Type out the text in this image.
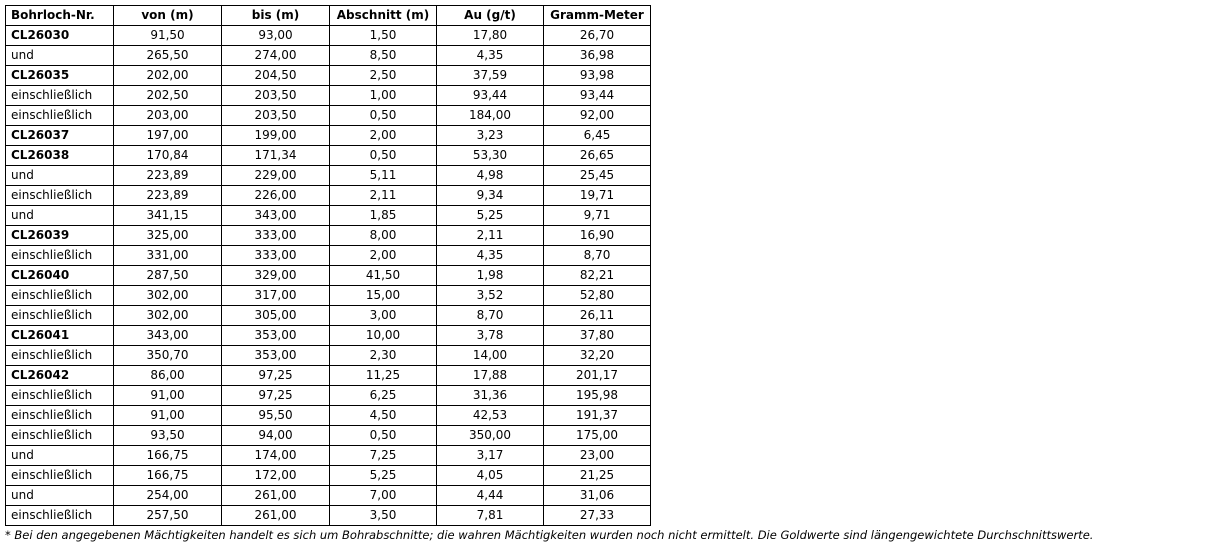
Bohrloch-Nr.	von (m)	bis (m)	Abschnitt (m)	Au (g/t)	Gramm-Meter
CL26030	91,50	93,00	1,50	17,80	26,70
und	265,50	274,00	8,50	4,35	36,98
CL26035	202,00	204,50	2,50	37,59	93,98
einschließlich	202,50	203,50	1,00	93,44	93,44
einschließlich	203,00	203,50	0,50	184,00	92,00
CL26037	197,00	199,00	2,00	3,23	6,45
CL26038	170,84	171,34	0,50	53,30	26,65
und	223,89	229,00	5,11	4,98	25,45
einschließlich	223,89	226,00	2,11	9,34	19,71
und	341,15	343,00	1,85	5,25	9,71
CL26039	325,00	333,00	8,00	2,11	16,90
einschließlich	331,00	333,00	2,00	4,35	8,70
CL26040	287,50	329,00	41,50	1,98	82,21
einschließlich	302,00	317,00	15,00	3,52	52,80
einschließlich	302,00	305,00	3,00	8,70	26,11
CL26041	343,00	353,00	10,00	3,78	37,80
einschließlich	350,70	353,00	2,30	14,00	32,20
CL26042	86,00	97,25	11,25	17,88	201,17
einschließlich	91,00	97,25	6,25	31,36	195,98
einschließlich	91,00	95,50	4,50	42,53	191,37
einschließlich	93,50	94,00	0,50	350,00	175,00
und	166,75	174,00	7,25	3,17	23,00
einschließlich	166,75	172,00	5,25	4,05	21,25
und	254,00	261,00	7,00	4,44	31,06
einschließlich	257,50	261,00	3,50	7,81	27,33
* Bei den angegebenen Mächtigkeiten handelt es sich um Bohrabschnitte; die wahren Mächtigkeiten wurden noch nicht ermittelt. Die Goldwerte sind längengewichtete Durchschnittswerte.
